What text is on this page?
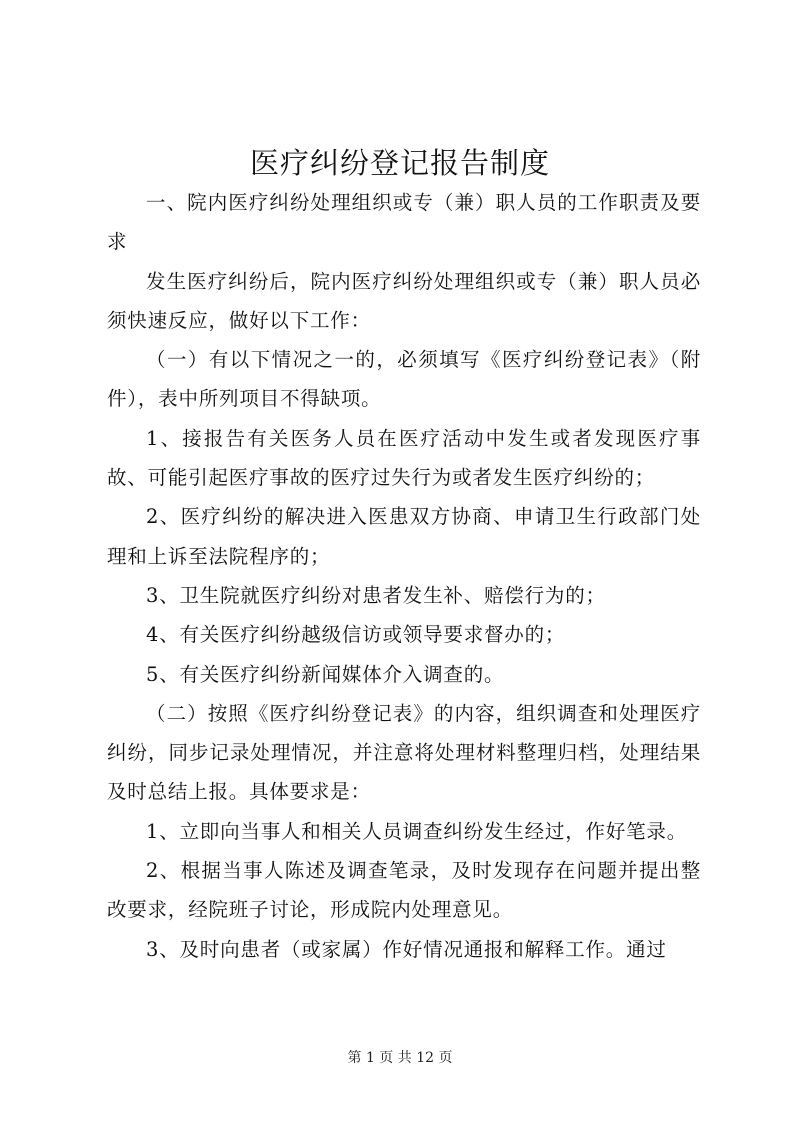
医疗纠纷登记报告制度

一、院内医疗纠纷处理组织或专（兼）职人员的工作职责及要求

发生医疗纠纷后，院内医疗纠纷处理组织或专（兼）职人员必须快速反应，做好以下工作：

（一）有以下情况之一的，必须填写《医疗纠纷登记表》（附件），表中所列项目不得缺项。

1、接报告有关医务人员在医疗活动中发生或者发现医疗事故、可能引起医疗事故的医疗过失行为或者发生医疗纠纷的；

2、医疗纠纷的解决进入医患双方协商、申请卫生行政部门处理和上诉至法院程序的；

3、卫生院就医疗纠纷对患者发生补、赔偿行为的；

4、有关医疗纠纷越级信访或领导要求督办的；

5、有关医疗纠纷新闻媒体介入调查的。

（二）按照《医疗纠纷登记表》的内容，组织调查和处理医疗纠纷，同步记录处理情况，并注意将处理材料整理归档，处理结果及时总结上报。具体要求是：

1、立即向当事人和相关人员调查纠纷发生经过，作好笔录。

2、根据当事人陈述及调查笔录，及时发现存在问题并提出整改要求，经院班子讨论，形成院内处理意见。

3、及时向患者（或家属）作好情况通报和解释工作。通过

第 1 页 共 12 页
